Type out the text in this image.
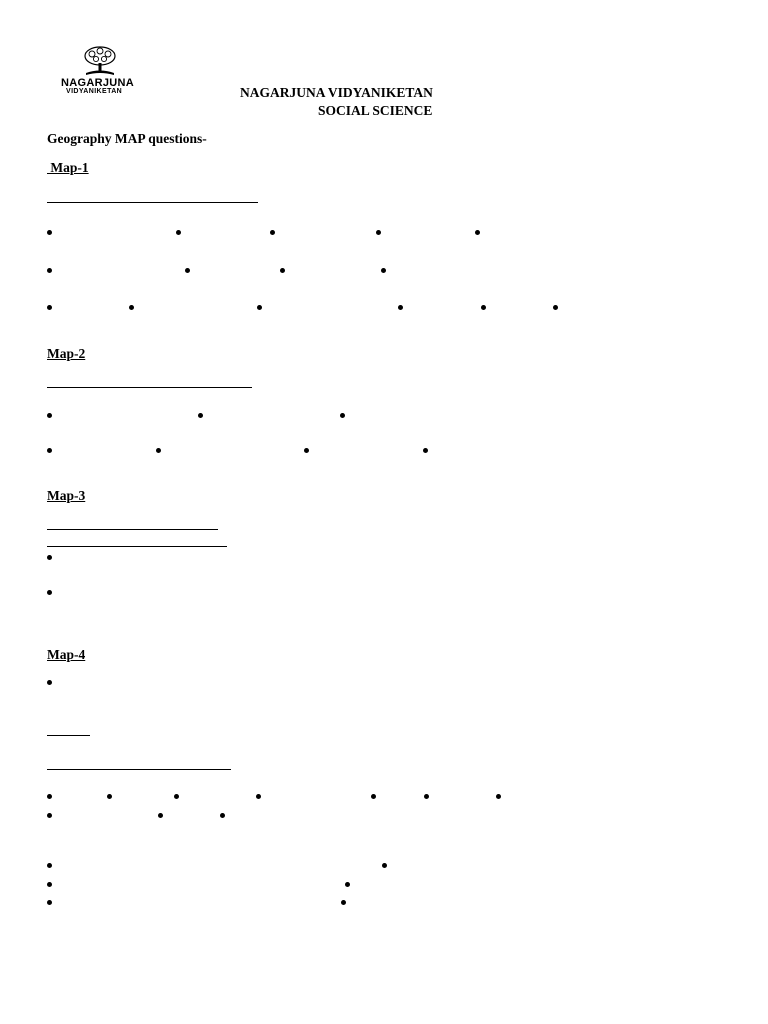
NAGARJUNA
VIDYANIKETAN	NAGARJUNA VIDYANIKETAN
SOCIAL SCIENCE
Geography MAP questions-
Map-1
Map-2
Map-3
Map-4
